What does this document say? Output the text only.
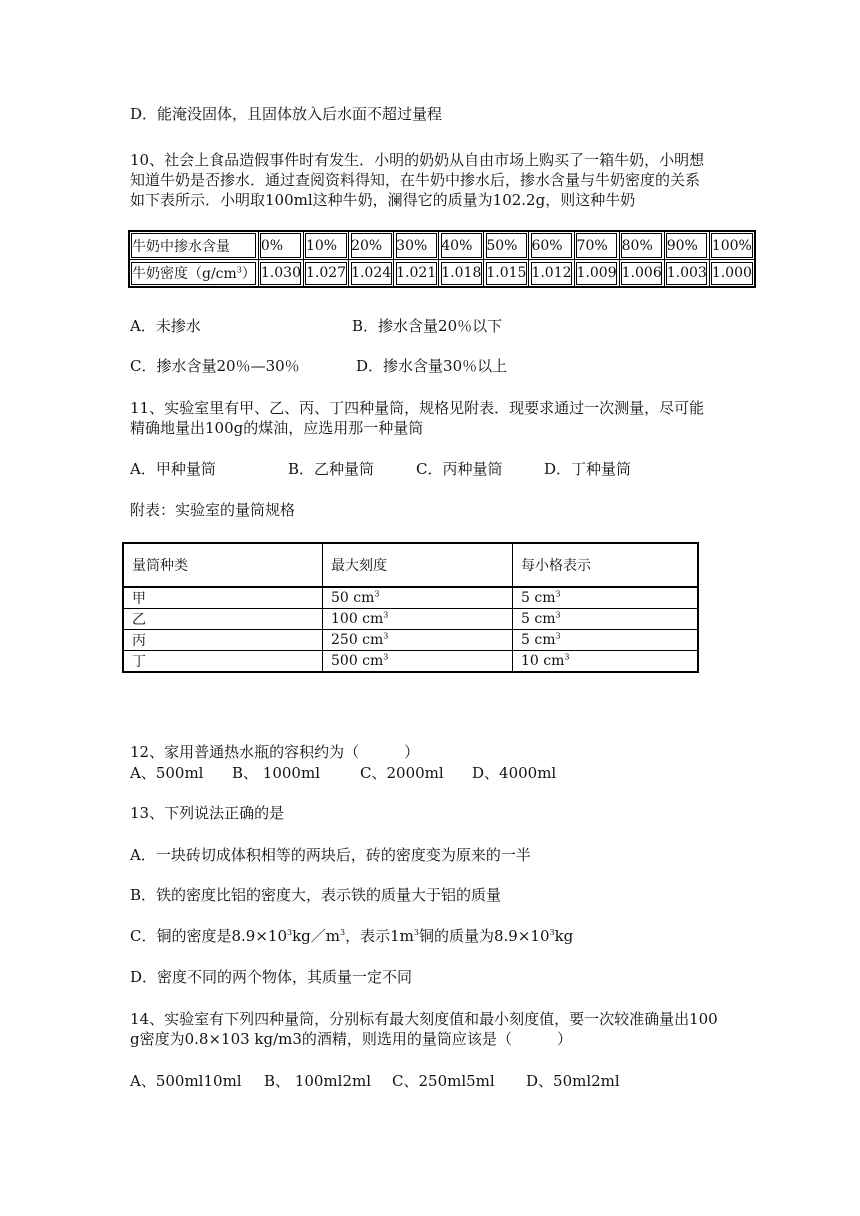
D．能淹没固体，且固体放入后水面不超过量程
10、社会上食品造假事件时有发生．小明的奶奶从自由市场上购买了一箱牛奶，小明想
知道牛奶是否掺水．通过查阅资料得知，在牛奶中掺水后，掺水含量与牛奶密度的关系
如下表所示．小明取100ml这种牛奶，澜得它的质量为102.2g，则这种牛奶
牛奶中掺水含量	0%	10%	20%	30%	40%	50%	60%	70%	80%	90%	100%
牛奶密度$(g/cm^3)$	1.030	1.027	1.024	1.021	1.018	1.015	1.012	1.009	1.006	1.003	1.000
A．未掺水	B．掺水含量20％以下
C．掺水含量20％—30％	D．掺水含量30％以上
11、实验室里有甲、乙、丙、丁四种量筒，规格见附表．现要求通过一次测量，尽可能
精确地量出100g的煤油，应选用那一种量筒
A．甲种量筒	B．乙种量筒	C．丙种量筒	D．丁种量筒
附表：实验室的量筒规格
量筒种类	最大刻度	每小格表示
甲	50 $cm^3$	5 $cm^3$
乙	100 $cm^3$	5 $cm^3$
丙	250 $cm^3$	5 $cm^3$
丁	500 $cm^3$	10 $cm^3$
12、家用普通热水瓶的容积约为（　　　）
A、500ml B、 1000ml	C、2000ml D、4000ml
13、下列说法正确的是
A．一块砖切成体积相等的两块后，砖的密度变为原来的一半
B．铁的密度比铝的密度大，表示铁的质量大于铝的质量
C．铜的密度是$8.9\times 10^3kg/m^3$，表示$1m^3$铜的质量为$8.9\times 10^3kg$
D．密度不同的两个物体，其质量一定不同
14、实验室有下列四种量筒，分别标有最大刻度值和最小刻度值，要一次较准确量出100
g密度为0.8×103 kg/m3的酒精，则选用的量筒应该是（　　　）
A、500ml10ml B、 100ml2ml C、250ml5ml D、50ml2ml
